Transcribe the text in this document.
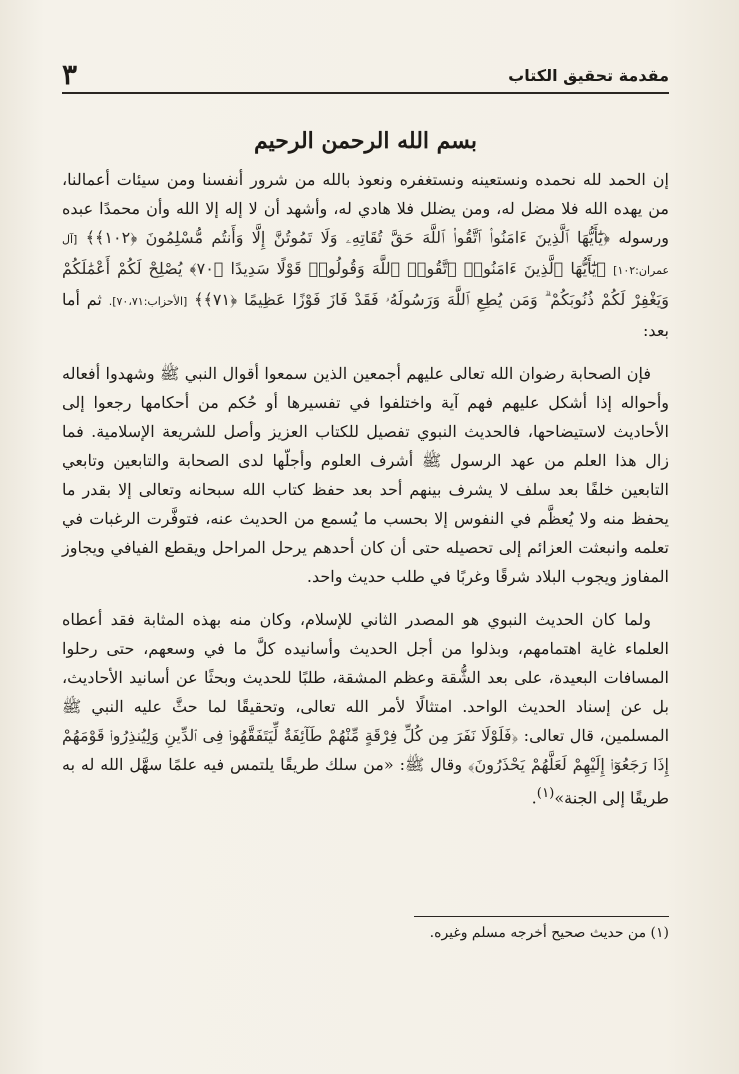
مقدمة تحقيق الكتاب
٣
بسم الله الرحمن الرحيم

إن الحمد لله نحمده ونستعينه ونستغفره ونعوذ بالله من شرور أنفسنا ومن سيئات أعمالنا، من يهده الله فلا مضل له، ومن يضلل فلا هادي له، وأشهد أن لا إله إلا الله وأن محمدًا عبده ورسوله ﴿يَٰٓأَيُّهَا ٱلَّذِينَ ءَامَنُوا۟ ٱتَّقُوا۟ ٱللَّهَ حَقَّ تُقَاتِهِۦ وَلَا تَمُوتُنَّ إِلَّا وَأَنتُم مُّسْلِمُونَ ﴿١٠٢﴾﴾ [آل عمران:١٠٢] ﴿يَٰٓأَيُّهَا ٱلَّذِينَ ءَامَنُوا۟ ٱتَّقُوا۟ ٱللَّهَ وَقُولُوا۟ قَوْلًا سَدِيدًا ﴿٧٠﴾ يُصْلِحْ لَكُمْ أَعْمَٰلَكُمْ وَيَغْفِرْ لَكُمْ ذُنُوبَكُمْ ۗ وَمَن يُطِعِ ٱللَّهَ وَرَسُولَهُۥ فَقَدْ فَازَ فَوْزًا عَظِيمًا ﴿٧١﴾﴾ [الأحزاب:٧٠،٧١]. ثم أما بعد:

فإن الصحابة رضوان الله تعالى عليهم أجمعين الذين سمعوا أقوال النبي ﷺ وشهدوا أفعاله وأحواله إذا أشكل عليهم فهم آية واختلفوا في تفسيرها أو حُكم من أحكامها رجعوا إلى الأحاديث لاستيضاحها، فالحديث النبوي تفصيل للكتاب العزيز وأصل للشريعة الإسلامية. فما زال هذا العلم من عهد الرسول ﷺ أشرف العلوم وأجلّها لدى الصحابة والتابعين وتابعي التابعين خلفًا بعد سلف لا يشرف بينهم أحد بعد حفظ كتاب الله سبحانه وتعالى إلا بقدر ما يحفظ منه ولا يُعظَّم في النفوس إلا بحسب ما يُسمع من الحديث عنه، فتوفَّرت الرغبات في تعلمه وانبعثت العزائم إلى تحصيله حتى أن كان أحدهم يرحل المراحل ويقطع الفيافي ويجاوز المفاوز ويجوب البلاد شرقًا وغربًا في طلب حديث واحد.

ولما كان الحديث النبوي هو المصدر الثاني للإسلام، وكان منه بهذه المثابة فقد أعطاه العلماء غاية اهتمامهم، وبذلوا من أجل الحديث وأسانيده كلَّ ما في وسعهم، حتى رحلوا المسافات البعيدة، على بعد الشُّقة وعظم المشقة، طلبًا للحديث وبحثًا عن أسانيد الأحاديث، بل عن إسناد الحديث الواحد. امتثالًا لأمر الله تعالى، وتحقيقًا لما حثَّ عليه النبي ﷺ المسلمين، قال تعالى: ﴿فَلَوْلَا نَفَرَ مِن كُلِّ فِرْقَةٍ مِّنْهُمْ طَآئِفَةٌ لِّيَتَفَقَّهُوا۟ فِى ٱلدِّينِ وَلِيُنذِرُوا۟ قَوْمَهُمْ إِذَا رَجَعُوٓا۟ إِلَيْهِمْ لَعَلَّهُمْ يَحْذَرُونَ﴾ وقال ﷺ: «من سلك طريقًا يلتمس فيه علمًا سهَّل الله له به طريقًا إلى الجنة»$^{(١)}$.

(١) من حديث صحيح أخرجه مسلم وغيره.
